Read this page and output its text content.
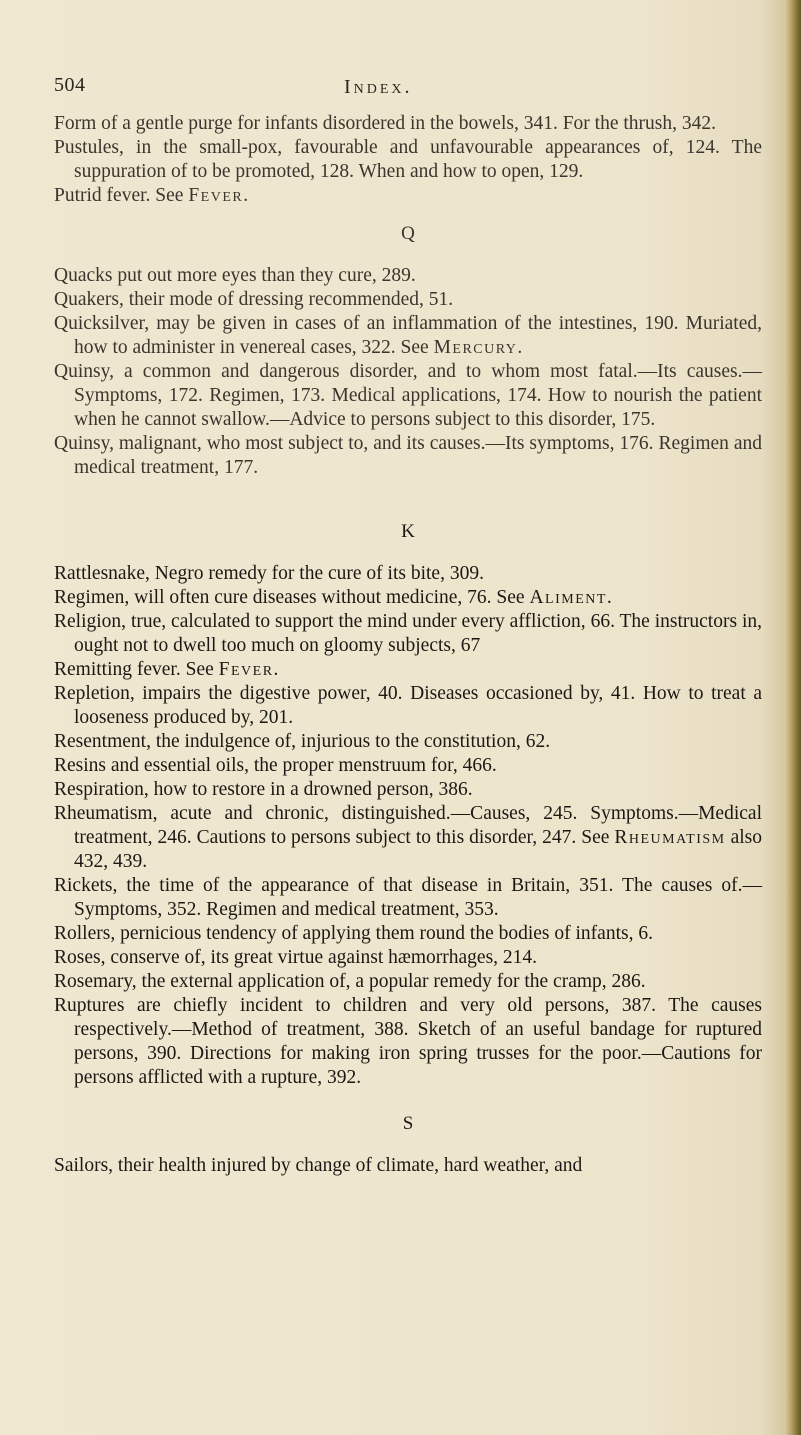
504	Index.

Form of a gentle purge for infants disordered in the bowels, 341. For the thrush, 342.

Pustules, in the small-pox, favourable and unfavourable appearances of, 124. The suppuration of to be promoted, 128. When and how to open, 129.

Putrid fever. See Fever.

Q

Quacks put out more eyes than they cure, 289.

Quakers, their mode of dressing recommended, 51.

Quicksilver, may be given in cases of an inflammation of the intestines, 190. Muriated, how to administer in venereal cases, 322. See Mercury.

Quinsy, a common and dangerous disorder, and to whom most fatal.—Its causes.—Symptoms, 172. Regimen, 173. Medical applications, 174. How to nourish the patient when he cannot swallow.—Advice to persons subject to this disorder, 175.

Quinsy, malignant, who most subject to, and its causes.—Its symptoms, 176. Regimen and medical treatment, 177.

K

Rattlesnake, Negro remedy for the cure of its bite, 309.

Regimen, will often cure diseases without medicine, 76. See Aliment.

Religion, true, calculated to support the mind under every affliction, 66. The instructors in, ought not to dwell too much on gloomy subjects, 67

Remitting fever. See Fever.

Repletion, impairs the digestive power, 40. Diseases occasioned by, 41. How to treat a looseness produced by, 201.

Resentment, the indulgence of, injurious to the constitution, 62.

Resins and essential oils, the proper menstruum for, 466.

Respiration, how to restore in a drowned person, 386.

Rheumatism, acute and chronic, distinguished.—Causes, 245. Symptoms.—Medical treatment, 246. Cautions to persons subject to this disorder, 247. See Rheumatism also 432, 439.

Rickets, the time of the appearance of that disease in Britain, 351. The causes of.—Symptoms, 352. Regimen and medical treatment, 353.

Rollers, pernicious tendency of applying them round the bodies of infants, 6.

Roses, conserve of, its great virtue against hæmorrhages, 214.

Rosemary, the external application of, a popular remedy for the cramp, 286.

Ruptures are chiefly incident to children and very old persons, 387. The causes respectively.—Method of treatment, 388. Sketch of an useful bandage for ruptured persons, 390. Directions for making iron spring trusses for the poor.—Cautions for persons afflicted with a rupture, 392.

S

Sailors, their health injured by change of climate, hard weather, and
